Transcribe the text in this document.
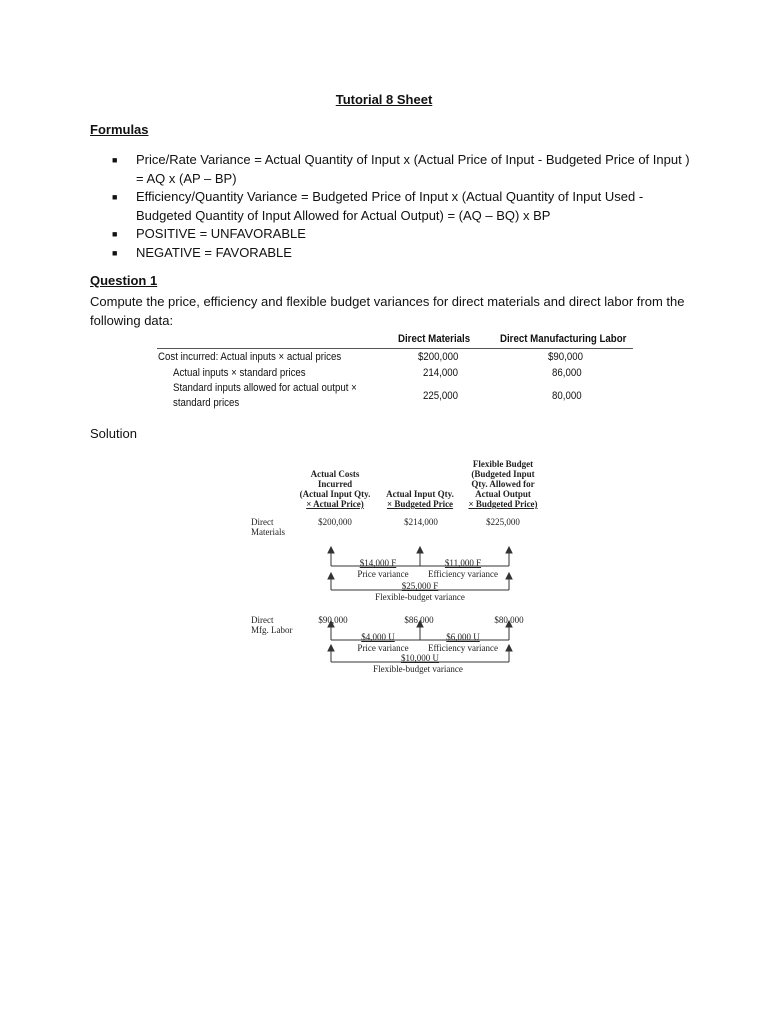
Tutorial 8 Sheet
Formulas
■ Price/Rate Variance = Actual Quantity of Input x (Actual Price of Input - Budgeted Price of Input )
= AQ x (AP – BP)
■ Efficiency/Quantity Variance = Budgeted Price of Input x (Actual Quantity of Input Used -
Budgeted Quantity of Input Allowed for Actual Output) = (AQ – BQ) x BP
■ POSITIVE = UNFAVORABLE
■ NEGATIVE = FAVORABLE
Question 1
Compute the price, efficiency and flexible budget variances for direct materials and direct labor from the
following data:
Direct Materials	Direct Manufacturing Labor
Cost incurred: Actual inputs × actual prices	$200,000	$90,000
Actual inputs × standard prices	214,000	86,000
Standard inputs allowed for actual output ×
standard prices
225,000	80,000
Solution
Actual Costs
Incurred
(Actual Input Qty.
× Actual Price)
Actual Input Qty.
× Budgeted Price
Flexible Budget
(Budgeted Input
Qty. Allowed for
Actual Output
× Budgeted Price)
Direct
Materials
$200,000	$214,000	$225,000
$14,000 F	$11,000 F
Price variance	Efficiency variance
$25,000 F
Flexible-budget variance
Direct
Mfg. Labor
$90,000	$86,000	$80,000
$4,000 U	$6,000 U
Price variance	Efficiency variance
$10,000 U
Flexible-budget variance
